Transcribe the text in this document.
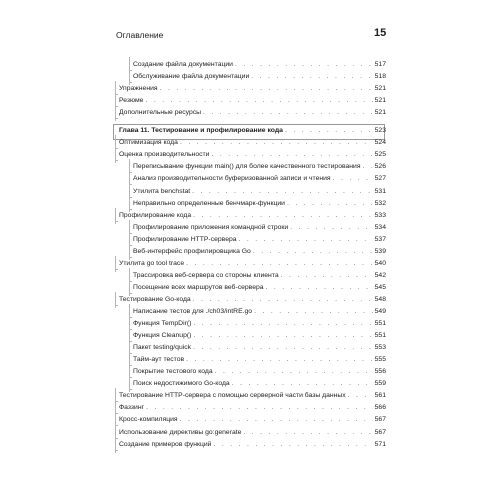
Оглавление	15
Создание файла документации . . .	517
Обслуживание файла документации . . .	518
Упражнения . . .	521
Резюме . . .	521
Дополнительные ресурсы . . .	521
Глава 11. Тестирование и профилирование кода . . .	523
Оптимизация кода . . .	524
Оценка производительности . . .	525
Переписывание функции main() для более качественного тестирования . . . 526
Анализ производительности буферизованной записи и чтения . . .	527
Утилита benchstat . . .	531
Неправильно определенные бенчмарк-функции . . .	532
Профилирование кода . . .	533
Профилирование приложения командной строки . . .	534
Профилирование HTTP-сервера . . .	537
Веб-интерфейс профилировщика Go . . .	539
Утилита go tool trace . . .	540
Трассировка веб-сервера со стороны клиента . . .	542
Посещение всех маршрутов веб-сервера . . .	545
Тестирование Go-кода . . .	548
Написание тестов для ./ch03/intRE.go . . .	549
Функция TempDir() . . .	551
Функция Cleanup() . . .	551
Пакет testing/quick . . .	553
Тайм-аут тестов . . .	555
Покрытие тестового кода . . .	556
Поиск недостижимого Go-кода . . .	559
Тестирование HTTP-сервера с помощью серверной части базы данных . . .	561
Фаззинг . . .	566
Кросс-компиляция . . .	567
Использование директивы go:generate . . .	567
Создание примеров функций . . .	571
